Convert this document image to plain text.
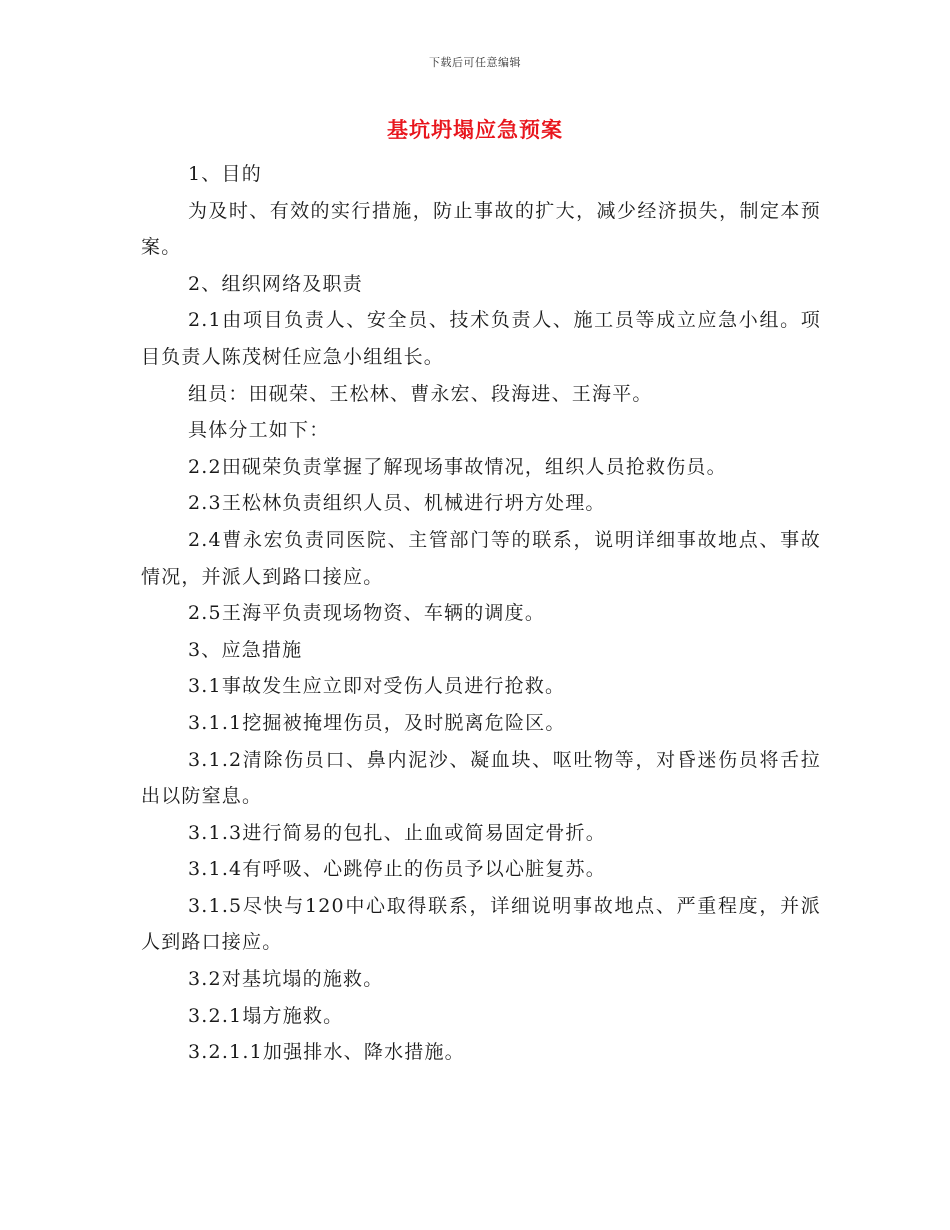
下载后可任意编辑
基坑坍塌应急预案

1、目的

为及时、有效的实行措施，防止事故的扩大，减少经济损失，制定本预案。

2、组织网络及职责

2.1由项目负责人、安全员、技术负责人、施工员等成立应急小组。项目负责人陈茂树任应急小组组长。

组员：田砚荣、王松林、曹永宏、段海进、王海平。

具体分工如下：

2.2田砚荣负责掌握了解现场事故情况，组织人员抢救伤员。

2.3王松林负责组织人员、机械进行坍方处理。

2.4曹永宏负责同医院、主管部门等的联系，说明详细事故地点、事故情况，并派人到路口接应。

2.5王海平负责现场物资、车辆的调度。

3、应急措施

3.1事故发生应立即对受伤人员进行抢救。

3.1.1挖掘被掩埋伤员，及时脱离危险区。

3.1.2清除伤员口、鼻内泥沙、凝血块、呕吐物等，对昏迷伤员将舌拉出以防窒息。

3.1.3进行简易的包扎、止血或简易固定骨折。

3.1.4有呼吸、心跳停止的伤员予以心脏复苏。

3.1.5尽快与120中心取得联系，详细说明事故地点、严重程度，并派人到路口接应。

3.2对基坑塌的施救。

3.2.1塌方施救。

3.2.1.1加强排水、降水措施。
